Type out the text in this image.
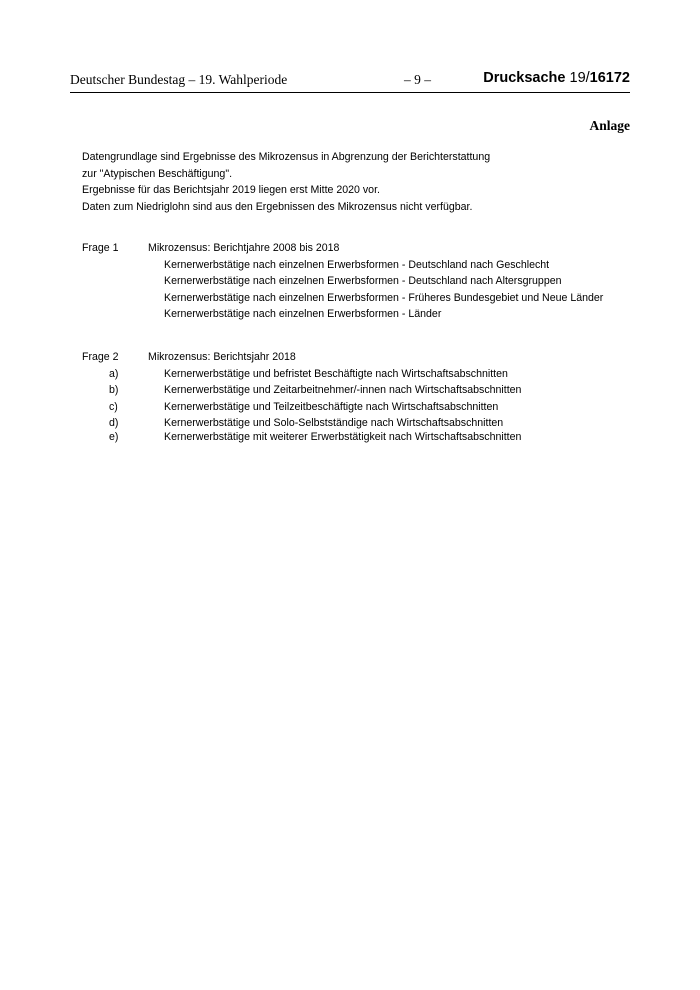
Deutscher Bundestag – 19. Wahlperiode	– 9 –	Drucksache 19/16172
Anlage
Datengrundlage sind Ergebnisse des Mikrozensus in Abgrenzung der Berichterstattung
zur "Atypischen Beschäftigung".
Ergebnisse für das Berichtsjahr 2019 liegen erst Mitte 2020 vor.
Daten zum Niedriglohn sind aus den Ergebnissen des Mikrozensus nicht verfügbar.
Frage 1	Mikrozensus: Berichtjahre 2008 bis 2018
Kernerwerbstätige nach einzelnen Erwerbsformen - Deutschland nach Geschlecht
Kernerwerbstätige nach einzelnen Erwerbsformen - Deutschland nach Altersgruppen
Kernerwerbstätige nach einzelnen Erwerbsformen - Früheres Bundesgebiet und Neue Länder
Kernerwerbstätige nach einzelnen Erwerbsformen - Länder
Frage 2	Mikrozensus: Berichtsjahr 2018
a)	Kernerwerbstätige und befristet Beschäftigte nach Wirtschaftsabschnitten
b)	Kernerwerbstätige und Zeitarbeitnehmer/-innen nach Wirtschaftsabschnitten
c)	Kernerwerbstätige und Teilzeitbeschäftigte nach Wirtschaftsabschnitten
d)	Kernerwerbstätige und Solo-Selbstständige nach Wirtschaftsabschnitten
e)	Kernerwerbstätige mit weiterer Erwerbstätigkeit nach Wirtschaftsabschnitten
